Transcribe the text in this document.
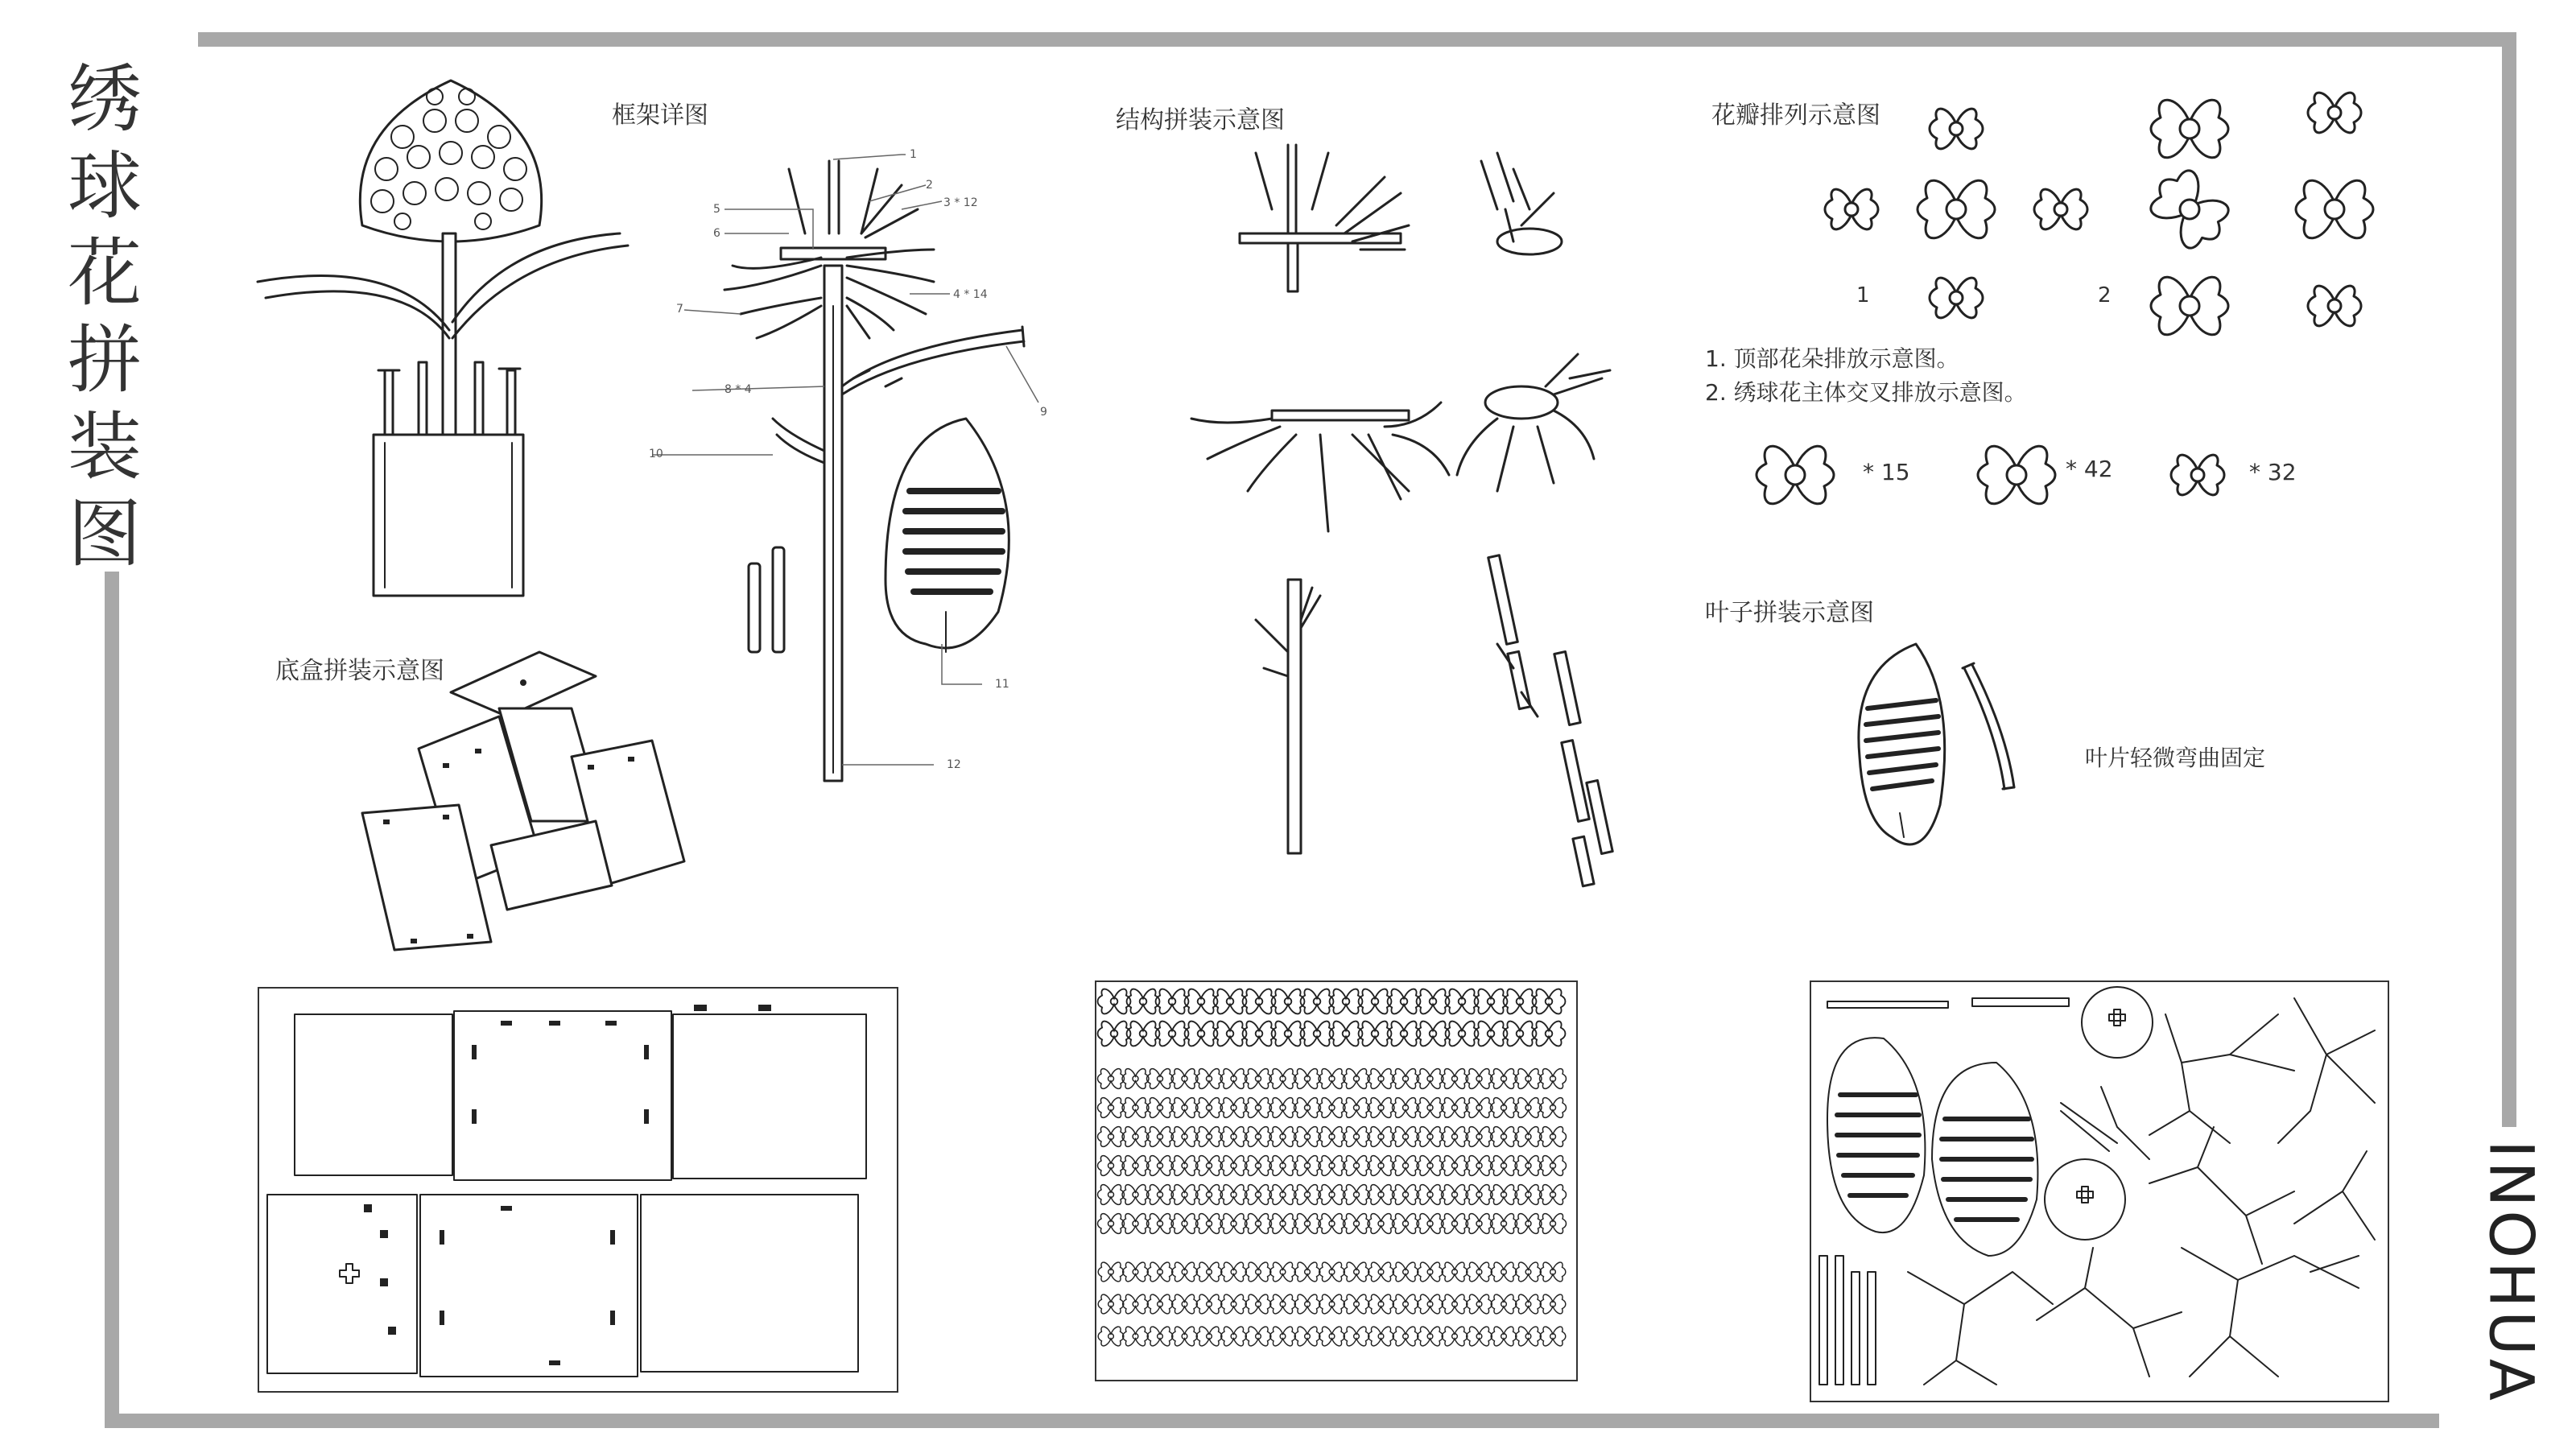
绣
球
花
拼
装
图
INOHUA
框架详图
1
2
3 * 12
4 * 14
5
6
7
8 * 4
9
10
11
12
底盒拼装示意图
结构拼装示意图	花瓣排列示意图
1	2
1. 顶部花朵排放示意图。
2. 绣球花主体交叉排放示意图。
* 15	* 42	* 32
叶子拼装示意图
叶片轻微弯曲固定
